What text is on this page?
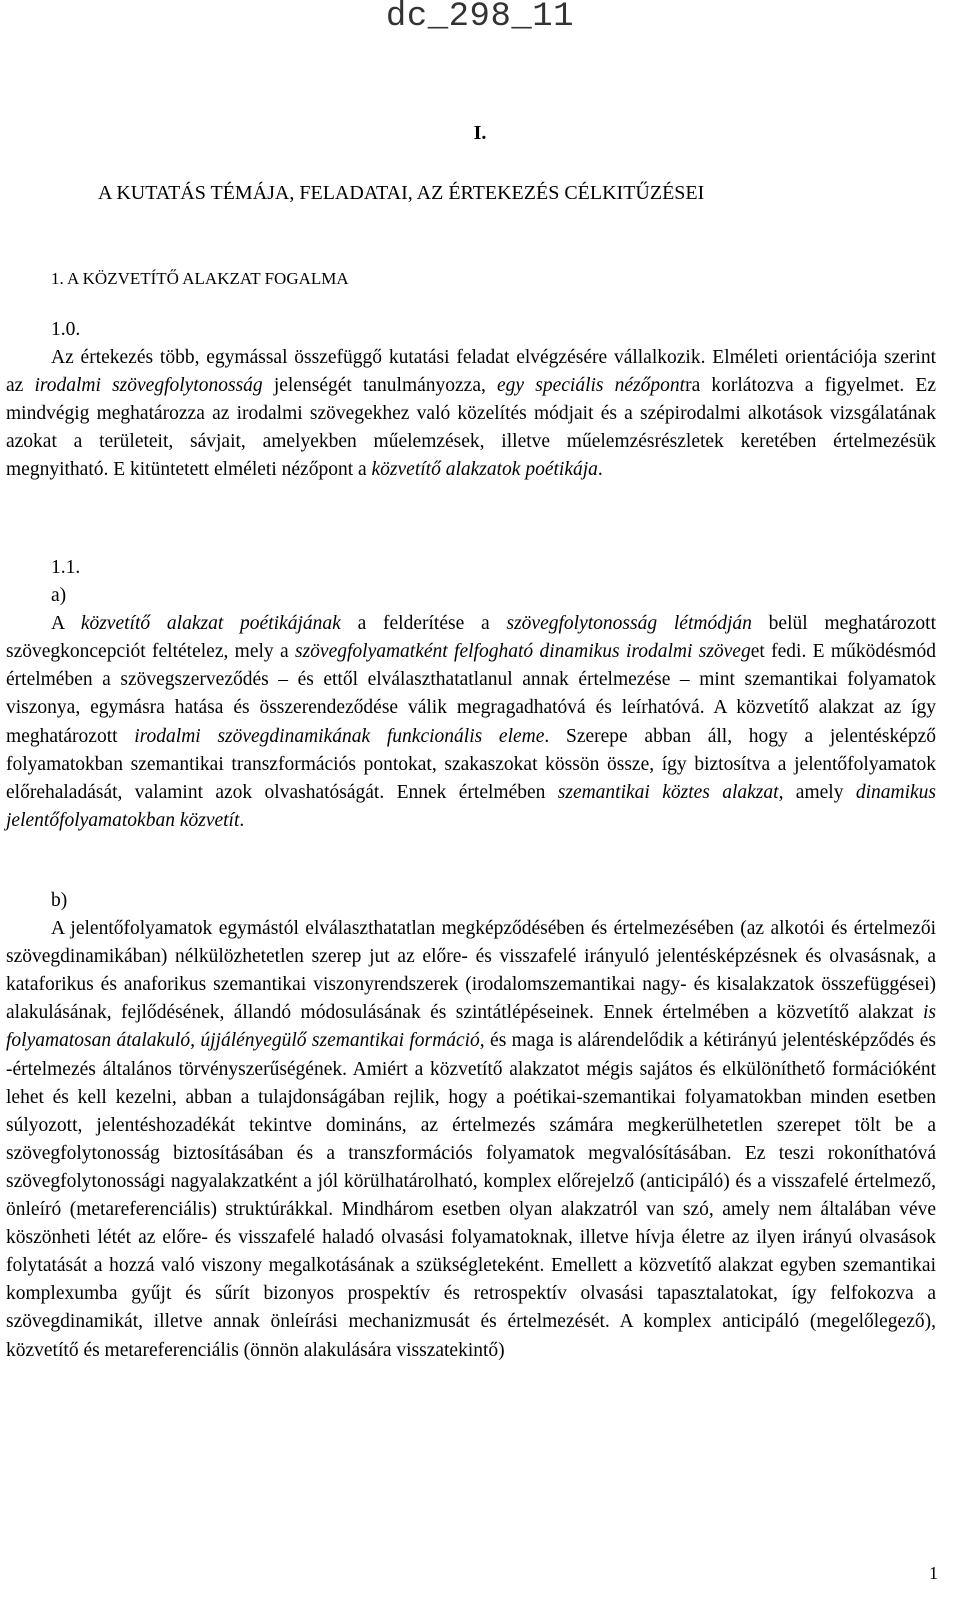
dc_298_11
I.
A KUTATÁS TÉMÁJA, FELADATAI, AZ ÉRTEKEZÉS CÉLKITŰZÉSEI
1. A KÖZVETÍTŐ ALAKZAT FOGALMA
1.0.

Az értekezés több, egymással összefüggő kutatási feladat elvégzésére vállalkozik. Elméleti orientációja szerint az irodalmi szövegfolytonosság jelenségét tanulmányozza, egy speciális nézőpontra korlátozva a figyelmet. Ez mindvégig meghatározza az irodalmi szövegekhez való közelítés módjait és a szépirodalmi alkotások vizsgálatának azokat a területeit, sávjait, amelyekben műelemzések, illetve műelemzésrészletek keretében értelmezésük megnyitható. E kitüntetett elméleti nézőpont a közvetítő alakzatok poétikája.

1.1.
a)

A közvetítő alakzat poétikájának a felderítése a szövegfolytonosság létmódján belül meghatározott szövegkoncepciót feltételez, mely a szövegfolyamatként felfogható dinamikus irodalmi szöveget fedi. E működésmód értelmében a szövegszerveződés – és ettől elválaszthatatlanul annak értelmezése – mint szemantikai folyamatok viszonya, egymásra hatása és összerendeződése válik megragadhatóvá és leírhatóvá. A közvetítő alakzat az így meghatározott irodalmi szövegdinamikának funkcionális eleme. Szerepe abban áll, hogy a jelentésképző folyamatokban szemantikai transzformációs pontokat, szakaszokat kössön össze, így biztosítva a jelentőfolyamatok előrehaladását, valamint azok olvashatóságát. Ennek értelmében szemantikai köztes alakzat, amely dinamikus jelentőfolyamatokban közvetít.

b)

A jelentőfolyamatok egymástól elválaszthatatlan megképződésében és értelmezésében (az alkotói és értelmezői szövegdinamikában) nélkülözhetetlen szerep jut az előre- és visszafelé irányuló jelentésképzésnek és olvasásnak, a kataforikus és anaforikus szemantikai viszonyrendszerek (irodalomszemantikai nagy- és kisalakzatok összefüggései) alakulásának, fejlődésének, állandó módosulásának és szintátlépéseinek. Ennek értelmében a közvetítő alakzat is folyamatosan átalakuló, újjálényegülő szemantikai formáció, és maga is alárendelődik a kétirányú jelentésképződés és -értelmezés általános törvényszerűségének. Amiért a közvetítő alakzatot mégis sajátos és elkülöníthető formációként lehet és kell kezelni, abban a tulajdonságában rejlik, hogy a poétikai-szemantikai folyamatokban minden esetben súlyozott, jelentéshozadékát tekintve domináns, az értelmezés számára megkerülhetetlen szerepet tölt be a szövegfolytonosság biztosításában és a transzformációs folyamatok megvalósításában. Ez teszi rokoníthatóvá szövegfolytonossági nagyalakzatként a jól körülhatárolható, komplex előrejelző (anticipáló) és a visszafelé értelmező, önleíró (metareferenciális) struktúrákkal. Mindhárom esetben olyan alakzatról van szó, amely nem általában véve köszönheti létét az előre- és visszafelé haladó olvasási folyamatoknak, illetve hívja életre az ilyen irányú olvasások folytatását a hozzá való viszony megalkotásának a szükségleteként. Emellett a közvetítő alakzat egyben szemantikai komplexumba gyűjt és sűrít bizonyos prospektív és retrospektív olvasási tapasztalatokat, így felfokozva a szövegdinamikát, illetve annak önleírási mechanizmusát és értelmezését. A komplex anticipáló (megelőlegező), közvetítő és metareferenciális (önnön alakulására visszatekintő)

1
